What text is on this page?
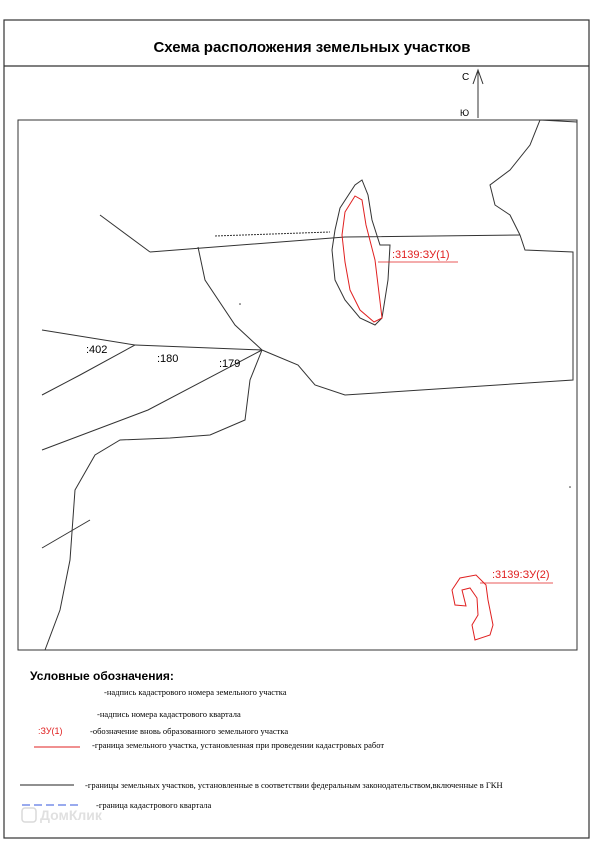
Схема расположения земельных участков
С
Ю
:3139:ЗУ(1)
:3139:ЗУ(2)
:402
:180	:179
Условные обозначения:
-надпись кадастрового номера земельного участка
-надпись номера кадастрового квартала
:ЗУ(1)	-обозначение вновь образованного земельного участка
-граница земельного участка, установленная при проведении кадастровых работ
-границы земельных участков, установленные в соответствии федеральным законодательством,включенные в ГКН
-граница кадастрового квартала
ДомКлик
